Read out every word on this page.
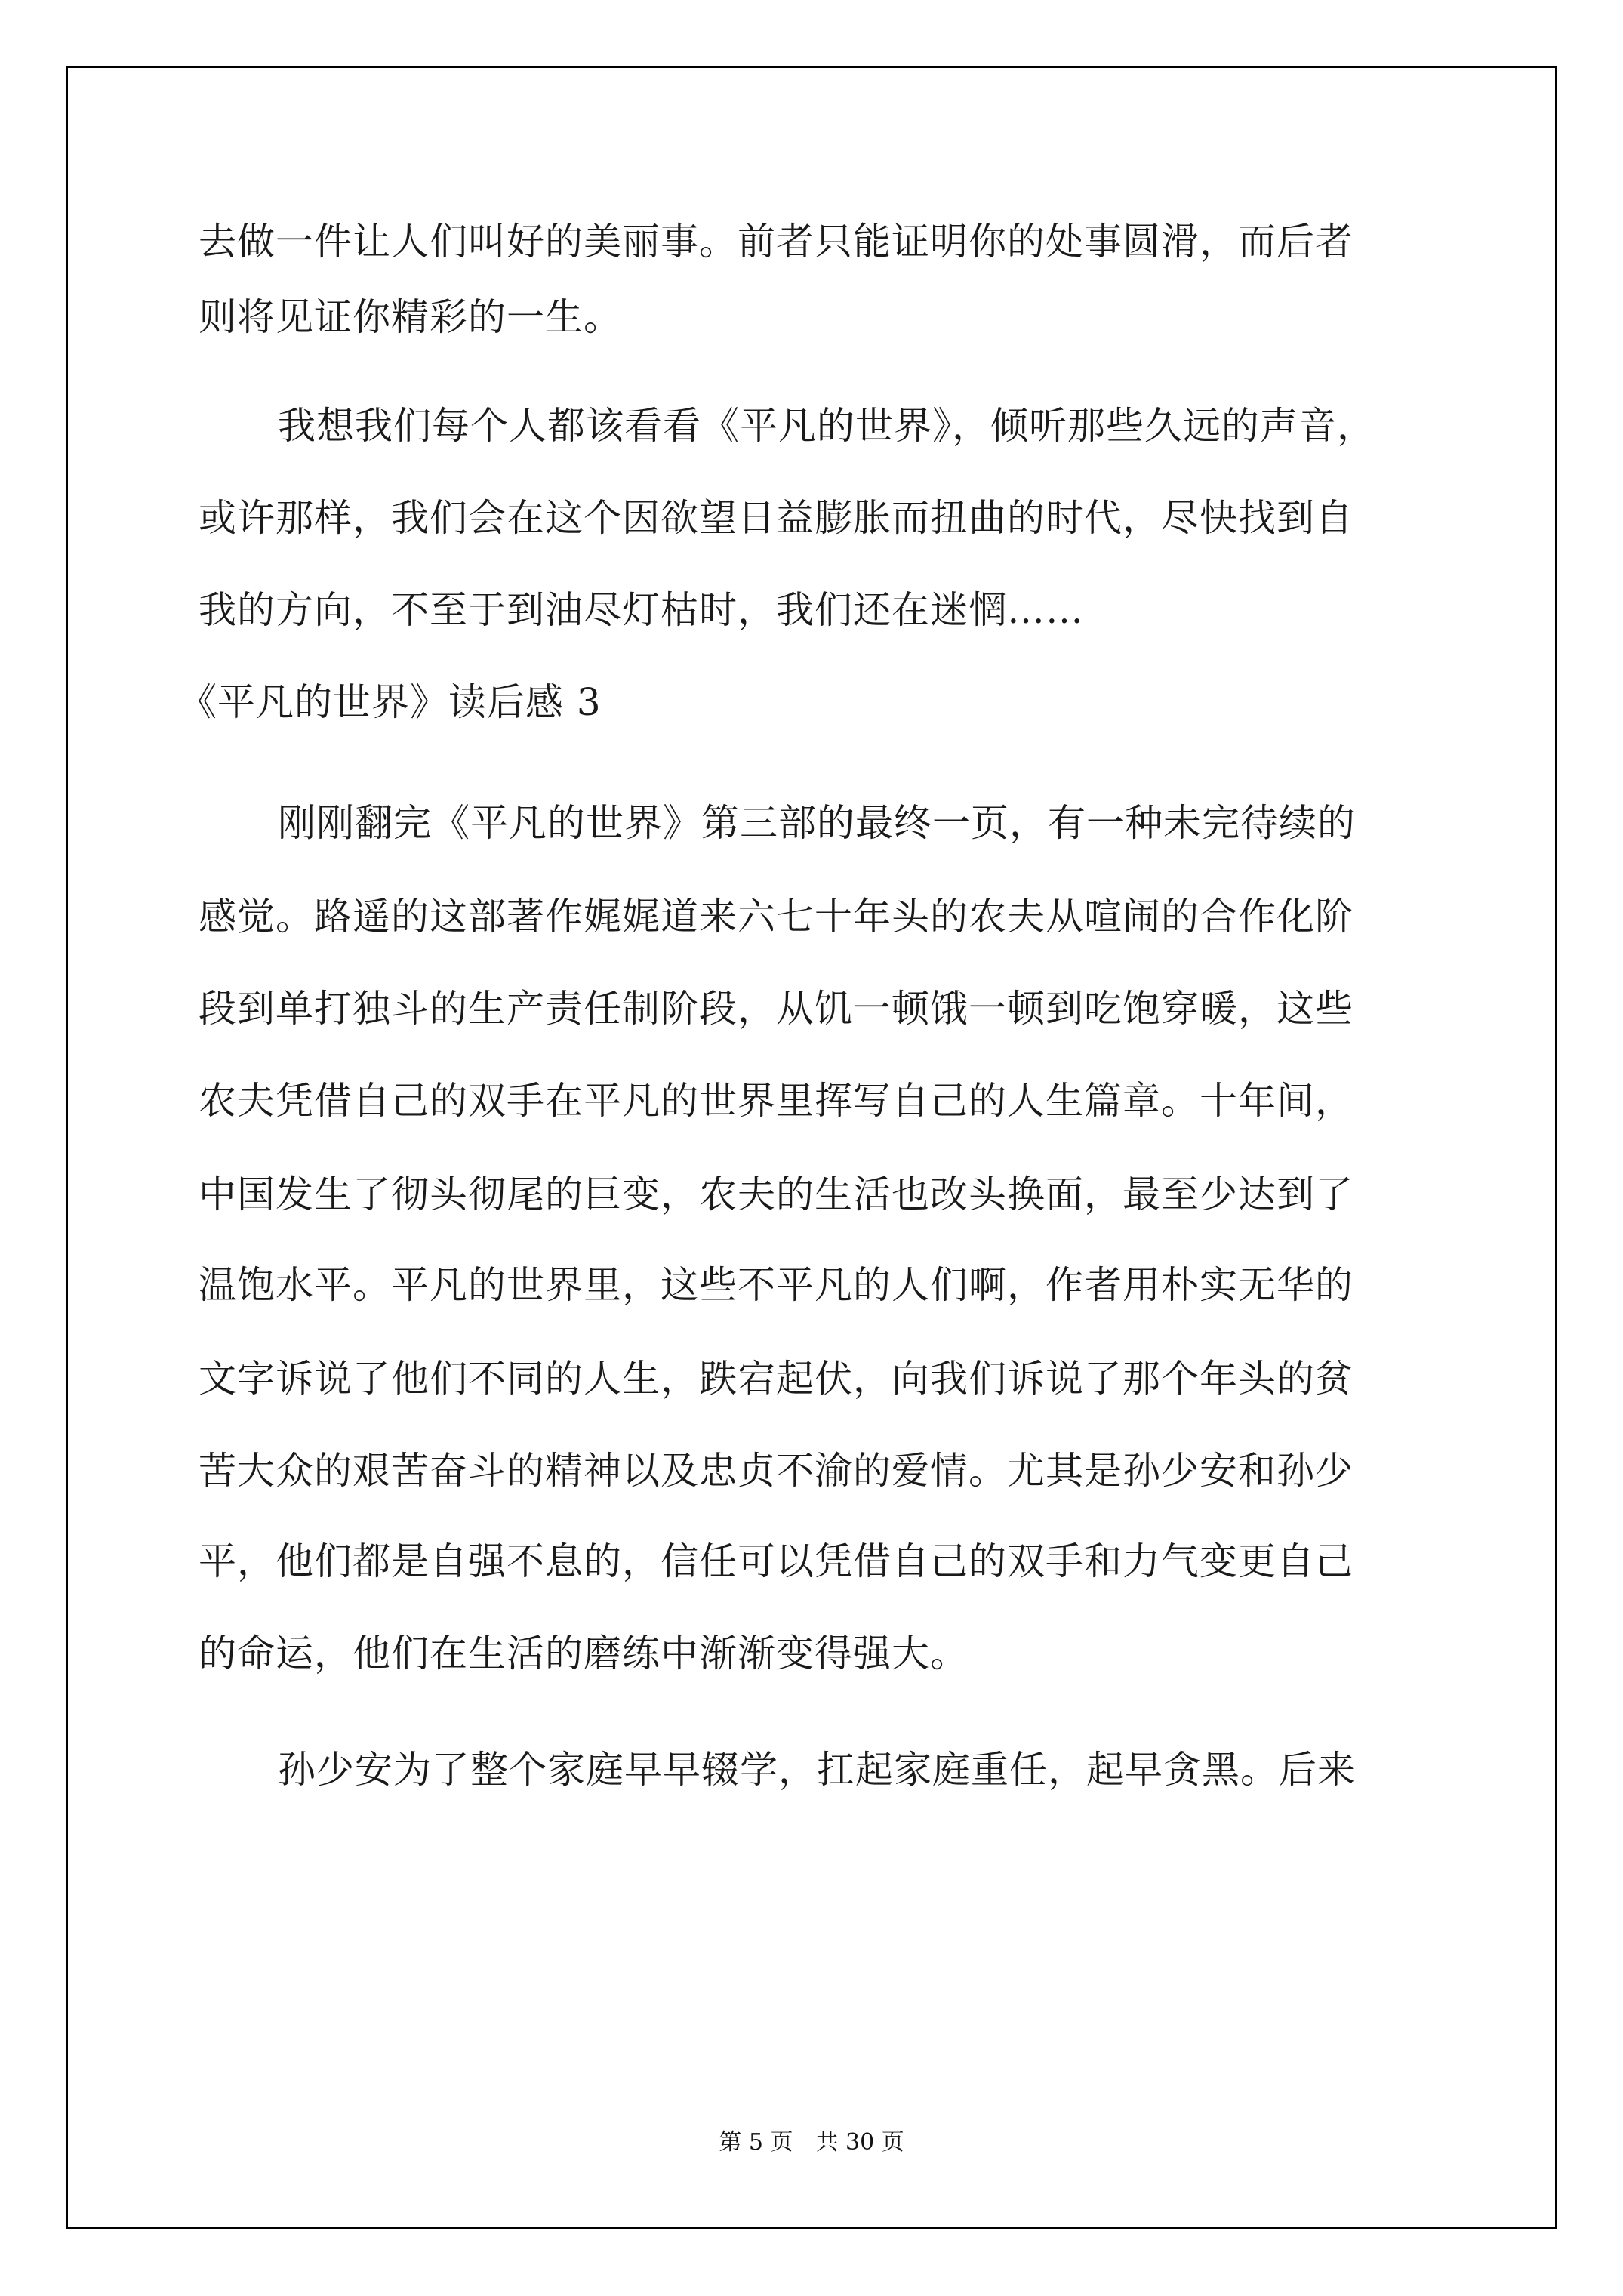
去做一件让人们叫好的美丽事。前者只能证明你的处事圆滑，而后者
则将见证你精彩的一生。
我想我们每个人都该看看《平凡的世界》，倾听那些久远的声音，
或许那样，我们会在这个因欲望日益膨胀而扭曲的时代，尽快找到自
我的方向，不至于到油尽灯枯时，我们还在迷惘……
《平凡的世界》读后感 3
刚刚翻完《平凡的世界》第三部的最终一页，有一种未完待续的
感觉。路遥的这部著作娓娓道来六七十年头的农夫从喧闹的合作化阶
段到单打独斗的生产责任制阶段，从饥一顿饿一顿到吃饱穿暖，这些
农夫凭借自己的双手在平凡的世界里挥写自己的人生篇章。十年间，
中国发生了彻头彻尾的巨变，农夫的生活也改头换面，最至少达到了
温饱水平。平凡的世界里，这些不平凡的人们啊，作者用朴实无华的
文字诉说了他们不同的人生，跌宕起伏，向我们诉说了那个年头的贫
苦大众的艰苦奋斗的精神以及忠贞不渝的爱情。尤其是孙少安和孙少
平，他们都是自强不息的，信任可以凭借自己的双手和力气变更自己
的命运，他们在生活的磨练中渐渐变得强大。
孙少安为了整个家庭早早辍学，扛起家庭重任，起早贪黑。后来
第 5 页　共 30 页
